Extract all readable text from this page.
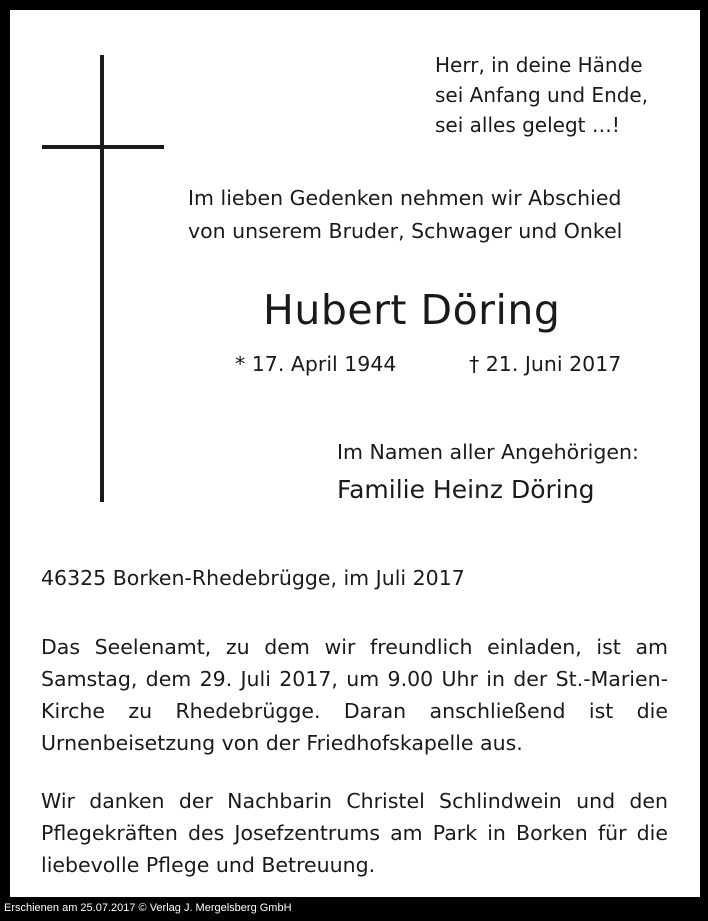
Herr, in deine Hände
sei Anfang und Ende,
sei alles gelegt …!
Im lieben Gedenken nehmen wir Abschied
von unserem Bruder, Schwager und Onkel
Hubert Döring
* 17. April 1944	† 21. Juni 2017
Im Namen aller Angehörigen:
Familie Heinz Döring
46325 Borken-Rhedebrügge, im Juli 2017
Das Seelenamt, zu dem wir freundlich einladen, ist am Samstag, dem 29. Juli 2017, um 9.00 Uhr in der St.-Marien-Kirche zu Rhedebrügge. Daran anschließend ist die Urnenbeisetzung von der Friedhofskapelle aus.
Wir danken der Nachbarin Christel Schlindwein und den Pflegekräften des Josefzentrums am Park in Borken für die liebevolle Pflege und Betreuung.
Erschienen am 25.07.2017 © Verlag J. Mergelsberg GmbH
